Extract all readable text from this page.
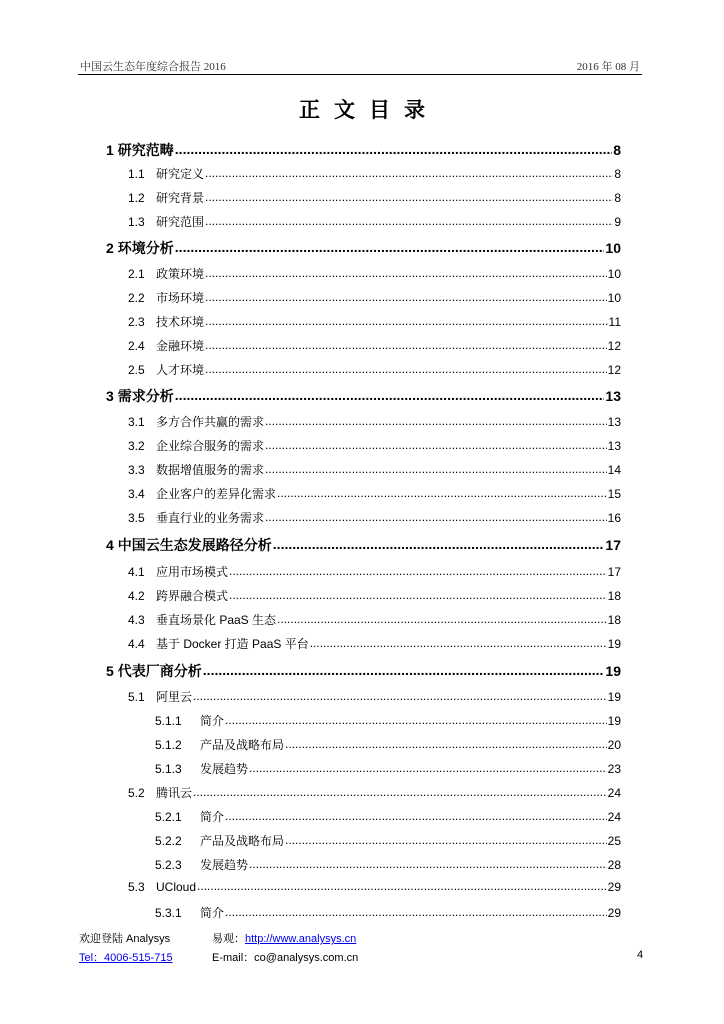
中国云生态年度综合报告 2016	2016 年 08 月
正文目录
1 研究范畴 .....	8
1.1 研究定义 .....	8
1.2 研究背景 .....	8
1.3 研究范围 .....	9
2 环境分析 .....	10
2.1 政策环境 .....	10
2.2 市场环境 .....	10
2.3 技术环境 .....	11
2.4 金融环境 .....	12
2.5 人才环境 .....	12
3 需求分析 .....	13
3.1 多方合作共赢的需求 .....	13
3.2 企业综合服务的需求 .....	13
3.3 数据增值服务的需求 .....	14
3.4 企业客户的差异化需求 .....	15
3.5 垂直行业的业务需求 .....	16
4 中国云生态发展路径分析 .....	17
4.1 应用市场模式 .....	17
4.2 跨界融合模式 .....	18
4.3 垂直场景化 PaaS 生态 .....	18
4.4 基于 Docker 打造 PaaS 平台 .....	19
5 代表厂商分析 .....	19
5.1 阿里云 .....	19
5.1.1	简介 .....	19
5.1.2	产品及战略布局 .....	20
5.1.3	发展趋势 .....	23
5.2 腾讯云 .....	24
5.2.1	简介 .....	24
5.2.2	产品及战略布局 .....	25
5.2.3	发展趋势 .....	28
5.3 UCloud .....	29
5.3.1	简介 .....	29
欢迎登陆 Analysys	易观：http://www.analysys.cn
Tel：4006-515-715	E-mail：co@analysys.com.cn	4
